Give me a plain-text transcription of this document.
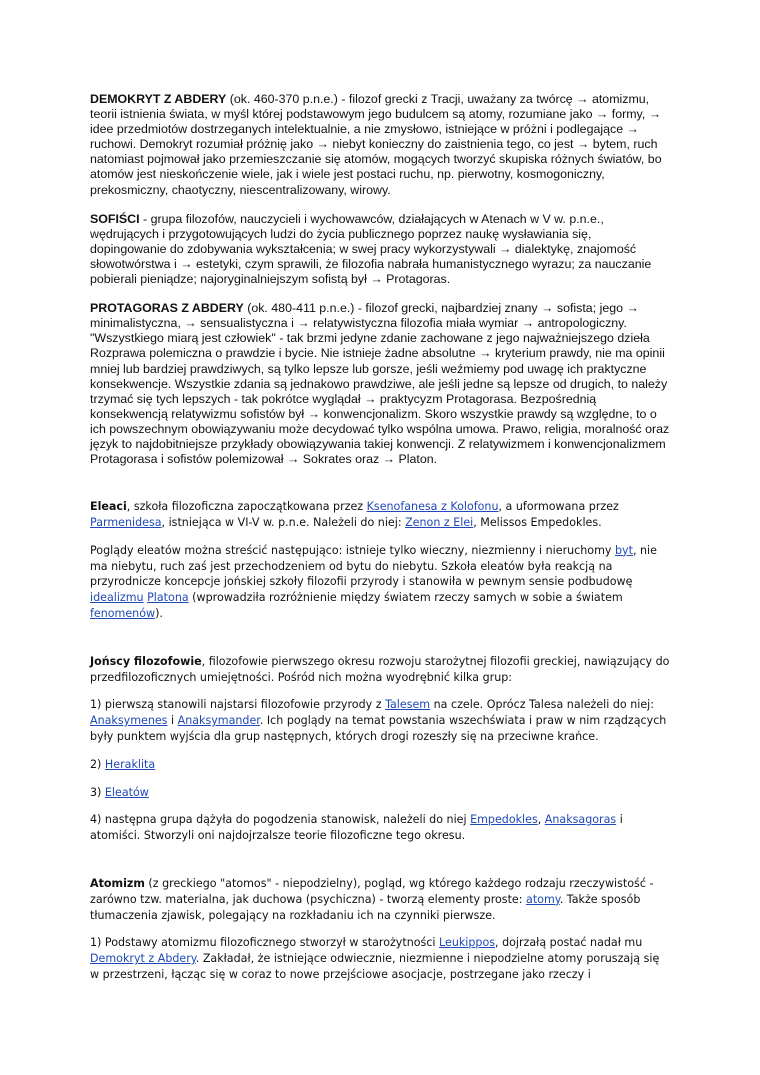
DEMOKRYT Z ABDERY (ok. 460-370 p.n.e.) - filozof grecki z Tracji, uważany za twórcę → atomizmu, teorii istnienia świata, w myśl której podstawowym jego budulcem są atomy, rozumiane jako → formy, → idee przedmiotów dostrzeganych intelektualnie, a nie zmysłowo, istniejące w próżni i podlegające → ruchowi. Demokryt rozumiał próżnię jako → niebyt konieczny do zaistnienia tego, co jest → bytem, ruch natomiast pojmował jako przemieszczanie się atomów, mogących tworzyć skupiska różnych światów, bo atomów jest nieskończenie wiele, jak i wiele jest postaci ruchu, np. pierwotny, kosmogoniczny, prekosmiczny, chaotyczny, niescentralizowany, wirowy.

SOFIŚCI - grupa filozofów, nauczycieli i wychowawców, działających w Atenach w V w. p.n.e., wędrujących i przygotowujących ludzi do życia publicznego poprzez naukę wysławiania się, dopingowanie do zdobywania wykształcenia; w swej pracy wykorzystywali → dialektykę, znajomość słowotwórstwa i → estetyki, czym sprawili, że filozofia nabrała humanistycznego wyrazu; za nauczanie pobierali pieniądze; najoryginalniejszym sofistą był → Protagoras.

PROTAGORAS Z ABDERY (ok. 480-411 p.n.e.) - filozof grecki, najbardziej znany → sofista; jego → minimalistyczna, → sensualistyczna i → relatywistyczna filozofia miała wymiar → antropologiczny. "Wszystkiego miarą jest człowiek" - tak brzmi jedyne zdanie zachowane z jego najważniejszego dzieła Rozprawa polemiczna o prawdzie i bycie. Nie istnieje żadne absolutne → kryterium prawdy, nie ma opinii mniej lub bardziej prawdziwych, są tylko lepsze lub gorsze, jeśli weźmiemy pod uwagę ich praktyczne konsekwencje. Wszystkie zdania są jednakowo prawdziwe, ale jeśli jedne są lepsze od drugich, to należy trzymać się tych lepszych - tak pokrótce wyglądał → praktycyzm Protagorasa. Bezpośrednią konsekwencją relatywizmu sofistów był → konwencjonalizm. Skoro wszystkie prawdy są względne, to o ich powszechnym obowiązywaniu może decydować tylko wspólna umowa. Prawo, religia, moralność oraz język to najdobitniejsze przykłady obowiązywania takiej konwencji. Z relatywizmem i konwencjonalizmem Protagorasa i sofistów polemizował → Sokrates oraz → Platon.

Eleaci, szkoła filozoficzna zapoczątkowana przez Ksenofanesa z Kolofonu, a uformowana przez Parmenidesa, istniejąca w VI-V w. p.n.e. Należeli do niej: Zenon z Elei, Melissos Empedokles.

Poglądy eleatów można streścić następująco: istnieje tylko wieczny, niezmienny i nieruchomy byt, nie ma niebytu, ruch zaś jest przechodzeniem od bytu do niebytu. Szkoła eleatów była reakcją na przyrodnicze koncepcje jońskiej szkoły filozofii przyrody i stanowiła w pewnym sensie podbudowę idealizmu Platona (wprowadziła rozróżnienie między światem rzeczy samych w sobie a światem fenomenów).

Jońscy filozofowie, filozofowie pierwszego okresu rozwoju starożytnej filozofii greckiej, nawiązujący do przedfilozoficznych umiejętności. Pośród nich można wyodrębnić kilka grup:

1) pierwszą stanowili najstarsi filozofowie przyrody z Talesem na czele. Oprócz Talesa należeli do niej: Anaksymenes i Anaksymander. Ich poglądy na temat powstania wszechświata i praw w nim rządzących były punktem wyjścia dla grup następnych, których drogi rozeszły się na przeciwne krańce.

2) Heraklita

3) Eleatów

4) następna grupa dążyła do pogodzenia stanowisk, należeli do niej Empedokles, Anaksagoras i atomiści. Stworzyli oni najdojrzalsze teorie filozoficzne tego okresu.

Atomizm (z greckiego "atomos" - niepodzielny), pogląd, wg którego każdego rodzaju rzeczywistość - zarówno tzw. materialna, jak duchowa (psychiczna) - tworzą elementy proste: atomy. Także sposób tłumaczenia zjawisk, polegający na rozkładaniu ich na czynniki pierwsze.

1) Podstawy atomizmu filozoficznego stworzył w starożytności Leukippos, dojrzałą postać nadał mu Demokryt z Abdery. Zakładał, że istniejące odwiecznie, niezmienne i niepodzielne atomy poruszają się w przestrzeni, łącząc się w coraz to nowe przejściowe asocjacje, postrzegane jako rzeczy i
